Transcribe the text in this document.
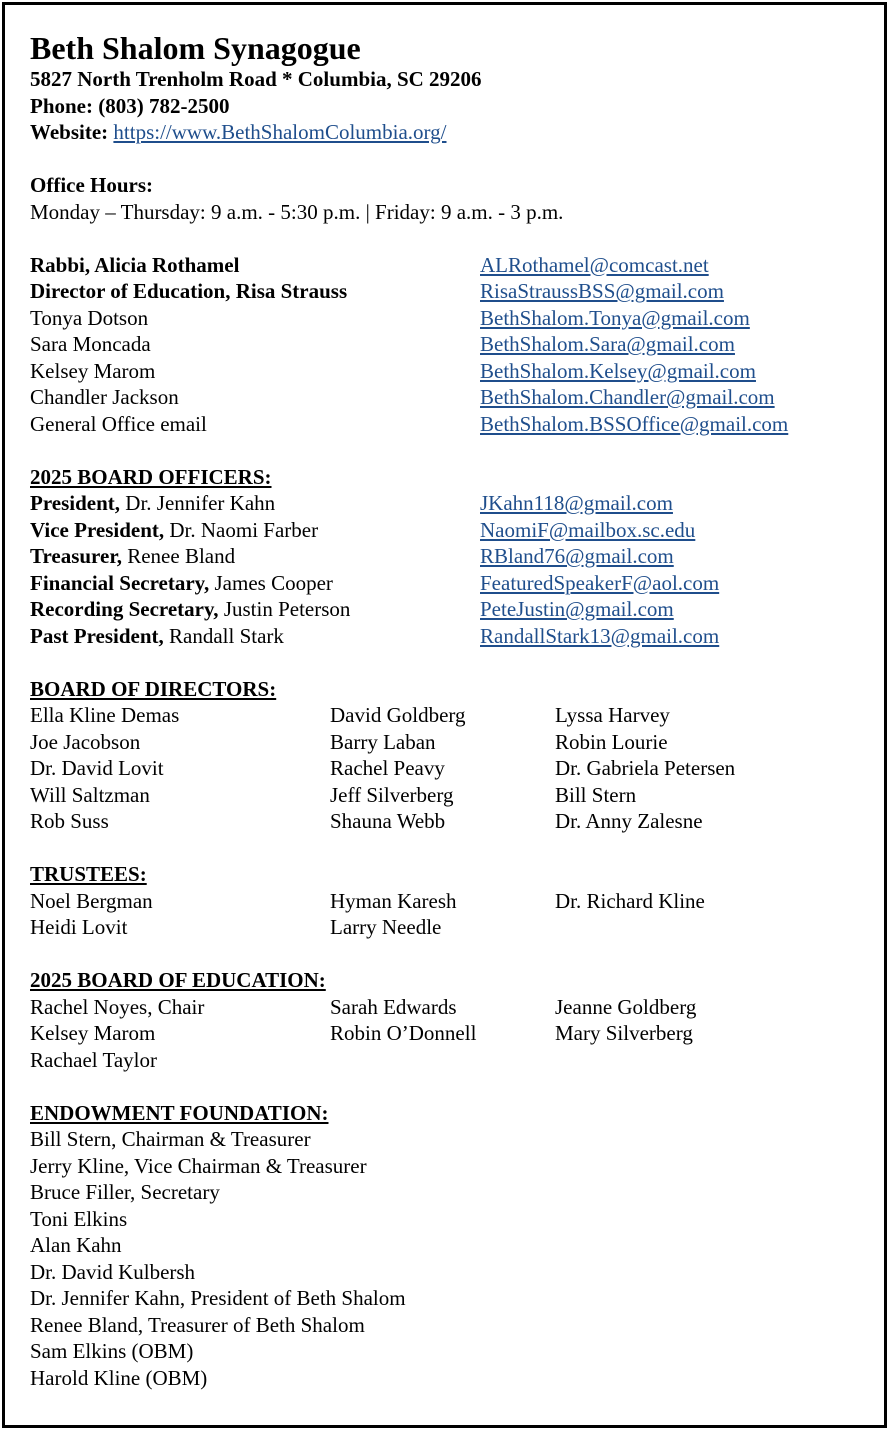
Beth Shalom Synagogue
5827 North Trenholm Road * Columbia, SC 29206
Phone: (803) 782-2500
Website: https://www.BethShalomColumbia.org/
Office Hours:
Monday – Thursday: 9 a.m. - 5:30 p.m. | Friday: 9 a.m. - 3 p.m.
Rabbi, Alicia Rothamel	ALRothamel@comcast.net
Director of Education, Risa Strauss	RisaStraussBSS@gmail.com
Tonya Dotson	BethShalom.Tonya@gmail.com
Sara Moncada	BethShalom.Sara@gmail.com
Kelsey Marom	BethShalom.Kelsey@gmail.com
Chandler Jackson	BethShalom.Chandler@gmail.com
General Office email	BethShalom.BSSOffice@gmail.com
2025 BOARD OFFICERS:
President, Dr. Jennifer Kahn	JKahn118@gmail.com
Vice President, Dr. Naomi Farber	NaomiF@mailbox.sc.edu
Treasurer, Renee Bland	RBland76@gmail.com
Financial Secretary, James Cooper	FeaturedSpeakerF@aol.com
Recording Secretary, Justin Peterson	PeteJustin@gmail.com
Past President, Randall Stark	RandallStark13@gmail.com
BOARD OF DIRECTORS:
Ella Kline Demas	David Goldberg	Lyssa Harvey
Joe Jacobson	Barry Laban	Robin Lourie
Dr. David Lovit	Rachel Peavy	Dr. Gabriela Petersen
Will Saltzman	Jeff Silverberg	Bill Stern
Rob Suss	Shauna Webb	Dr. Anny Zalesne
TRUSTEES:
Noel Bergman	Hyman Karesh	Dr. Richard Kline
Heidi Lovit	Larry Needle
2025 BOARD OF EDUCATION:
Rachel Noyes, Chair	Sarah Edwards	Jeanne Goldberg
Kelsey Marom	Robin O’Donnell	Mary Silverberg
Rachael Taylor
ENDOWMENT FOUNDATION:
Bill Stern, Chairman & Treasurer
Jerry Kline, Vice Chairman & Treasurer
Bruce Filler, Secretary
Toni Elkins
Alan Kahn
Dr. David Kulbersh
Dr. Jennifer Kahn, President of Beth Shalom
Renee Bland, Treasurer of Beth Shalom
Sam Elkins (OBM)
Harold Kline (OBM)
